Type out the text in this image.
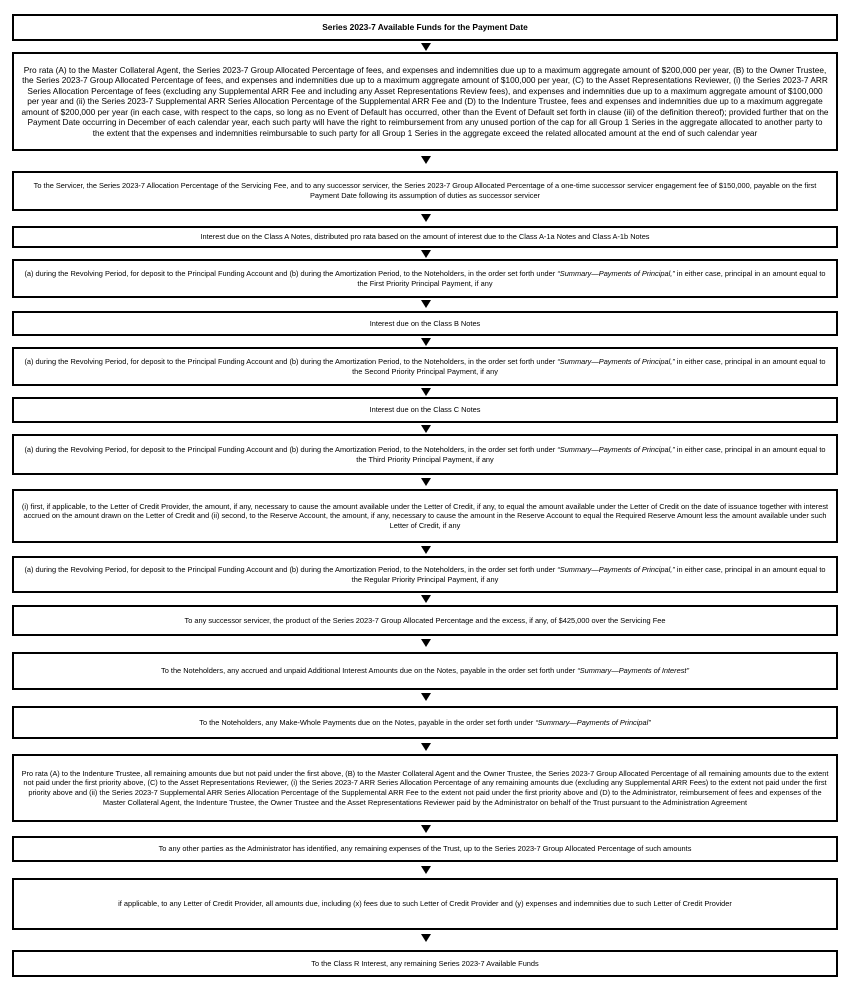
Series 2023-7 Available Funds for the Payment Date
Pro rata (A) to the Master Collateral Agent, the Series 2023-7 Group Allocated Percentage of fees, and expenses and indemnities due up to a maximum aggregate amount of $200,000 per year, (B) to the Owner Trustee, the Series 2023-7 Group Allocated Percentage of fees, and expenses and indemnities due up to a maximum aggregate amount of $100,000 per year, (C) to the Asset Representations Reviewer, (i) the Series 2023-7 ARR Series Allocation Percentage of fees (excluding any Supplemental ARR Fee and including any Asset Representations Review fees), and expenses and indemnities due up to a maximum aggregate amount of $100,000 per year and (ii) the Series 2023-7 Supplemental ARR Series Allocation Percentage of the Supplemental ARR Fee and (D) to the Indenture Trustee, fees and expenses and indemnities due up to a maximum aggregate amount of $200,000 per year (in each case, with respect to the caps, so long as no Event of Default has occurred, other than the Event of Default set forth in clause (iii) of the definition thereof); provided further that on the Payment Date occurring in December of each calendar year, each such party will have the right to reimbursement from any unused portion of the cap for all Group 1 Series in the aggregate allocated to another party to the extent that the expenses and indemnities reimbursable to such party for all Group 1 Series in the aggregate exceed the related allocated amount at the end of such calendar year
To the Servicer, the Series 2023-7 Allocation Percentage of the Servicing Fee, and to any successor servicer, the Series 2023-7 Group Allocated Percentage of a one-time successor servicer engagement fee of $150,000, payable on the first Payment Date following its assumption of duties as successor servicer
Interest due on the Class A Notes, distributed pro rata based on the amount of interest due to the Class A-1a Notes and Class A-1b Notes
(a) during the Revolving Period, for deposit to the Principal Funding Account and (b) during the Amortization Period, to the Noteholders, in the order set forth under “Summary—Payments of Principal,” in either case, principal in an amount equal to the First Priority Principal Payment, if any
Interest due on the Class B Notes
(a) during the Revolving Period, for deposit to the Principal Funding Account and (b) during the Amortization Period, to the Noteholders, in the order set forth under “Summary—Payments of Principal,” in either case, principal in an amount equal to the Second Priority Principal Payment, if any
Interest due on the Class C Notes
(a) during the Revolving Period, for deposit to the Principal Funding Account and (b) during the Amortization Period, to the Noteholders, in the order set forth under “Summary—Payments of Principal,” in either case, principal in an amount equal to the Third Priority Principal Payment, if any
(i) first, if applicable, to the Letter of Credit Provider, the amount, if any, necessary to cause the amount available under the Letter of Credit, if any, to equal the amount available under the Letter of Credit on the date of issuance together with interest accrued on the amount drawn on the Letter of Credit and (ii) second, to the Reserve Account, the amount, if any, necessary to cause the amount in the Reserve Account to equal the Required Reserve Amount less the amount available under such Letter of Credit, if any
(a) during the Revolving Period, for deposit to the Principal Funding Account and (b) during the Amortization Period, to the Noteholders, in the order set forth under “Summary—Payments of Principal,” in either case, principal in an amount equal to the Regular Priority Principal Payment, if any
To any successor servicer, the product of the Series 2023-7 Group Allocated Percentage and the excess, if any, of $425,000 over the Servicing Fee
To the Noteholders, any accrued and unpaid Additional Interest Amounts due on the Notes, payable in the order set forth under “Summary—Payments of Interest”
To the Noteholders, any Make-Whole Payments due on the Notes, payable in the order set forth under “Summary—Payments of Principal”
Pro rata (A) to the Indenture Trustee, all remaining amounts due but not paid under the first above, (B) to the Master Collateral Agent and the Owner Trustee, the Series 2023-7 Group Allocated Percentage of all remaining amounts due to the extent not paid under the first priority above, (C) to the Asset Representations Reviewer, (i) the Series 2023-7 ARR Series Allocation Percentage of any remaining amounts due (excluding any Supplemental ARR Fees) to the extent not paid under the first priority above and (ii) the Series 2023-7 Supplemental ARR Series Allocation Percentage of the Supplemental ARR Fee to the extent not paid under the first priority above and (D) to the Administrator, reimbursement of fees and expenses of the Master Collateral Agent, the Indenture Trustee, the Owner Trustee and the Asset Representations Reviewer paid by the Administrator on behalf of the Trust pursuant to the Administration Agreement
To any other parties as the Administrator has identified, any remaining expenses of the Trust, up to the Series 2023-7 Group Allocated Percentage of such amounts
if applicable, to any Letter of Credit Provider, all amounts due, including (x) fees due to such Letter of Credit Provider and (y) expenses and indemnities due to such Letter of Credit Provider
To the Class R Interest, any remaining Series 2023-7 Available Funds
